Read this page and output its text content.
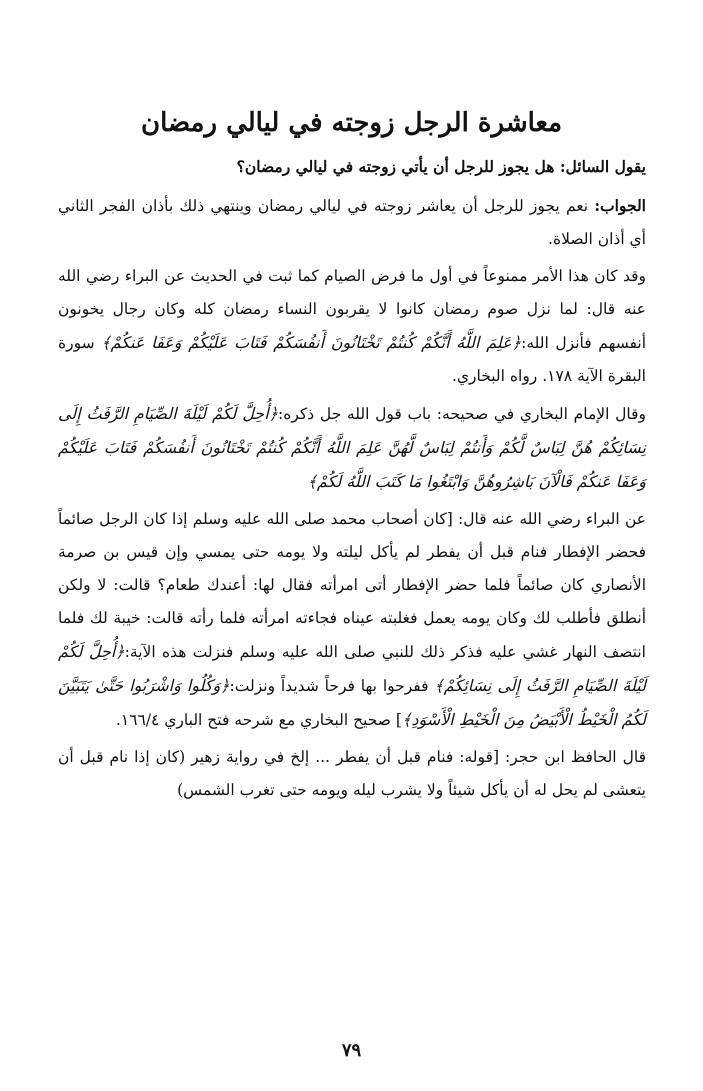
معاشرة الرجل زوجته في ليالي رمضان

يقول السائل: هل يجوز للرجل أن يأتي زوجته في ليالي رمضان؟

الجواب: نعم يجوز للرجل أن يعاشر زوجته في ليالي رمضان وينتهي ذلك بأذان الفجر الثاني أي أذان الصلاة.

وقد كان هذا الأمر ممنوعاً في أول ما فرض الصيام كما ثبت في الحديث عن البراء رضي الله عنه قال: لما نزل صوم رمضان كانوا لا يقربون النساء رمضان كله وكان رجال يخونون أنفسهم فأنزل الله:﴿عَلِمَ اللَّهُ أَنَّكُمْ كُنتُمْ تَخْتَانُونَ أَنفُسَكُمْ فَتَابَ عَلَيْكُمْ وَعَفَا عَنكُمْ﴾ سورة البقرة الآية ١٧٨. رواه البخاري.

وقال الإمام البخاري في صحيحه: باب قول الله جل ذكره:﴿أُحِلَّ لَكُمْ لَيْلَةَ الصِّيَامِ الرَّفَثُ إِلَى نِسَائِكُمْ هُنَّ لِبَاسٌ لَّكُمْ وَأَنتُمْ لِبَاسٌ لَّهُنَّ عَلِمَ اللَّهُ أَنَّكُمْ كُنتُمْ تَخْتَانُونَ أَنفُسَكُمْ فَتَابَ عَلَيْكُمْ وَعَفَا عَنكُمْ فَالْآنَ بَاشِرُوهُنَّ وَابْتَغُوا مَا كَتَبَ اللَّهُ لَكُمْ﴾

عن البراء رضي الله عنه قال: [كان أصحاب محمد صلى الله عليه وسلم إذا كان الرجل صائماً فحضر الإفطار فنام قبل أن يفطر لم يأكل ليلته ولا يومه حتى يمسي وإن قيس بن صرمة الأنصاري كان صائماً فلما حضر الإفطار أتى امرأته فقال لها: أعندك طعام؟ قالت: لا ولكن أنطلق فأطلب لك وكان يومه يعمل فغلبته عيناه فجاءته امرأته فلما رأته قالت: خيبة لك فلما انتصف النهار غشي عليه فذكر ذلك للنبي صلى الله عليه وسلم فنزلت هذه الآية:﴿أُحِلَّ لَكُمْ لَيْلَةَ الصِّيَامِ الرَّفَثُ إِلَى نِسَائِكُمْ﴾ ففرحوا بها فرحاً شديداً ونزلت:﴿وَكُلُوا وَاشْرَبُوا حَتَّىٰ يَتَبَيَّنَ لَكُمُ الْخَيْطُ الْأَبْيَضُ مِنَ الْخَيْطِ الْأَسْوَدِ﴾] صحيح البخاري مع شرحه فتح الباري ١٦٦/٤.

قال الحافظ ابن حجر: [قوله: فنام قبل أن يفطر ... إلخ في رواية زهير (كان إذا نام قبل أن يتعشى لم يحل له أن يأكل شيئاً ولا يشرب ليله ويومه حتى تغرب الشمس)

٧٩
